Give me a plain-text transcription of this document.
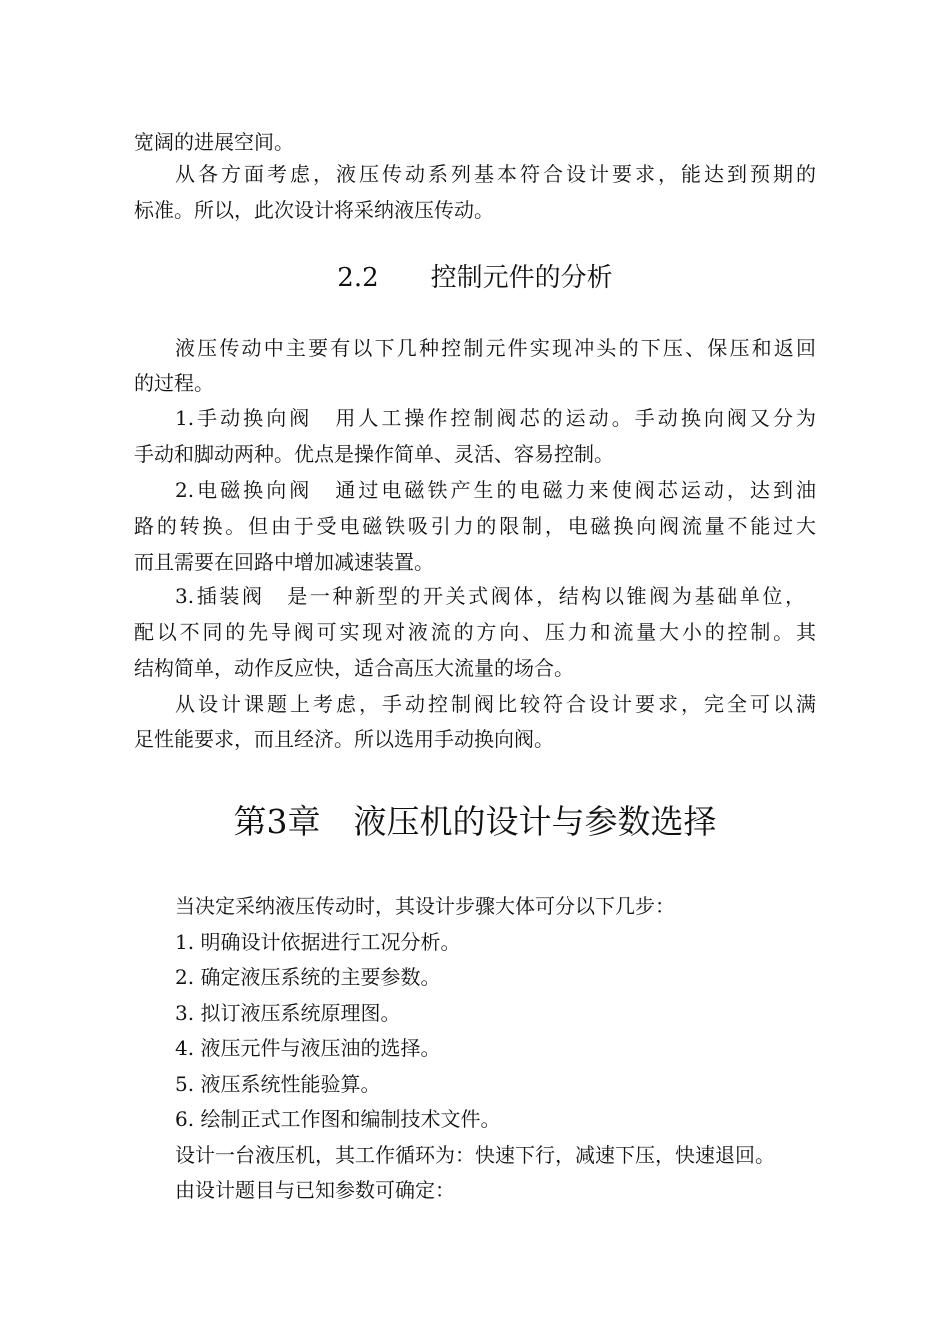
宽阔的进展空间。
从各方面考虑，液压传动系列基本符合设计要求，能达到预期的
标准。所以，此次设计将采纳液压传动。
2.2　　 控制元件的分析
液压传动中主要有以下几种控制元件实现冲头的下压、保压和返回
的过程。
1.手动换向阀　用人工操作控制阀芯的运动。手动换向阀又分为
手动和脚动两种。优点是操作简单、灵活、容易控制。
2.电磁换向阀　通过电磁铁产生的电磁力来使阀芯运动，达到油
路的转换。但由于受电磁铁吸引力的限制，电磁换向阀流量不能过大
而且需要在回路中增加减速装置。
3.插装阀　是一种新型的开关式阀体，结构以锥阀为基础单位，
配以不同的先导阀可实现对液流的方向、压力和流量大小的控制。其
结构简单，动作反应快，适合高压大流量的场合。
从设计课题上考虑，手动控制阀比较符合设计要求，完全可以满
足性能要求，而且经济。所以选用手动换向阀。
第3章　 液压机的设计与参数选择
当决定采纳液压传动时，其设计步骤大体可分以下几步：
1. 明确设计依据进行工况分析。
2. 确定液压系统的主要参数。
3. 拟订液压系统原理图。
4. 液压元件与液压油的选择。
5. 液压系统性能验算。
6. 绘制正式工作图和编制技术文件。
设计一台液压机，其工作循环为：快速下行，减速下压，快速退回。
由设计题目与已知参数可确定：
